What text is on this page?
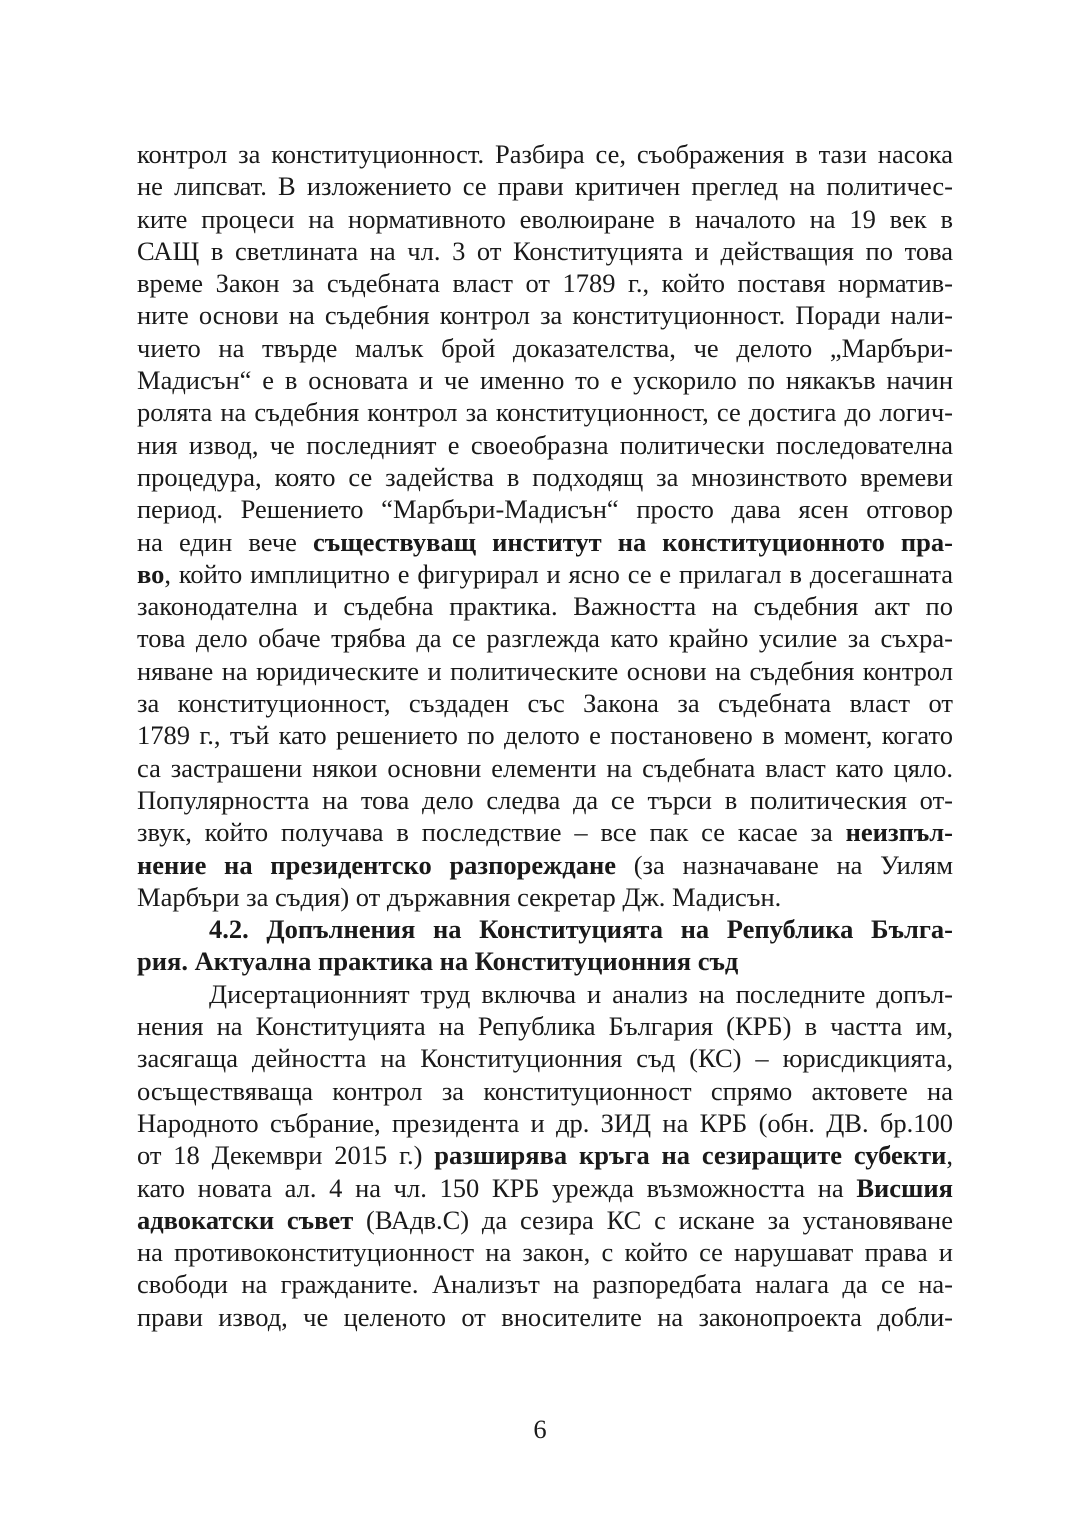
контрол за конституционност. Разбира се, съображения в тази насока
не липсват. В изложението се прави критичен преглед на политичес-
ките процеси на нормативното еволюиране в началото на 19 век в
САЩ в светлината на чл. 3 от Конституцията и действащия по това
време Закон за съдебната власт от 1789 г., който поставя норматив-
ните основи на съдебния контрол за конституционност. Поради нали-
чието на твърде малък брой доказателства, че делото „Марбъри-
Мадисън“ е в основата и че именно то е ускорило по някакъв начин
ролята на съдебния контрол за конституционност, се достига до логич-
ния извод, че последният е своеобразна политически последователна
процедура, която се задейства в подходящ за мнозинството времеви
период. Решението “Марбъри-Мадисън“ просто дава ясен отговор
на един вече съществуващ институт на конституционното пра-
во, който имплицитно е фигурирал и ясно се е прилагал в досегашната
законодателна и съдебна практика. Важността на съдебния акт по
това дело обаче трябва да се разглежда като крайно усилие за съхра-
няване на юридическите и политическите основи на съдебния контрол
за конституционност, създаден със Закона за съдебната власт от
1789 г., тъй като решението по делото е постановено в момент, когато
са застрашени някои основни елементи на съдебната власт като цяло.
Популярността на това дело следва да се търси в политическия от-
звук, който получава в последствие – все пак се касае за неизпъл-
нение на президентско разпореждане (за назначаване на Уилям
Марбъри за съдия) от държавния секретар Дж. Мадисън.
4.2. Допълнения на Конституцията на Република Бълга-
рия. Актуална практика на Конституционния съд
Дисертационният труд включва и анализ на последните допъл-
нения на Конституцията на Република България (КРБ) в частта им,
засягаща дейността на Конституционния съд (КС) – юрисдикцията,
осъществяваща контрол за конституционност спрямо актовете на
Народното събрание, президента и др. ЗИД на КРБ (обн. ДВ. бр.100
от 18 Декември 2015 г.) разширява кръга на сезиращите субекти,
като новата ал. 4 на чл. 150 КРБ урежда възможността на Висшия
адвокатски съвет (ВАдв.С) да сезира КС с искане за установяване
на противоконституционност на закон, с който се нарушават права и
свободи на гражданите. Анализът на разпоредбата налага да се на-
прави извод, че целеното от вносителите на законопроекта добли-
6
